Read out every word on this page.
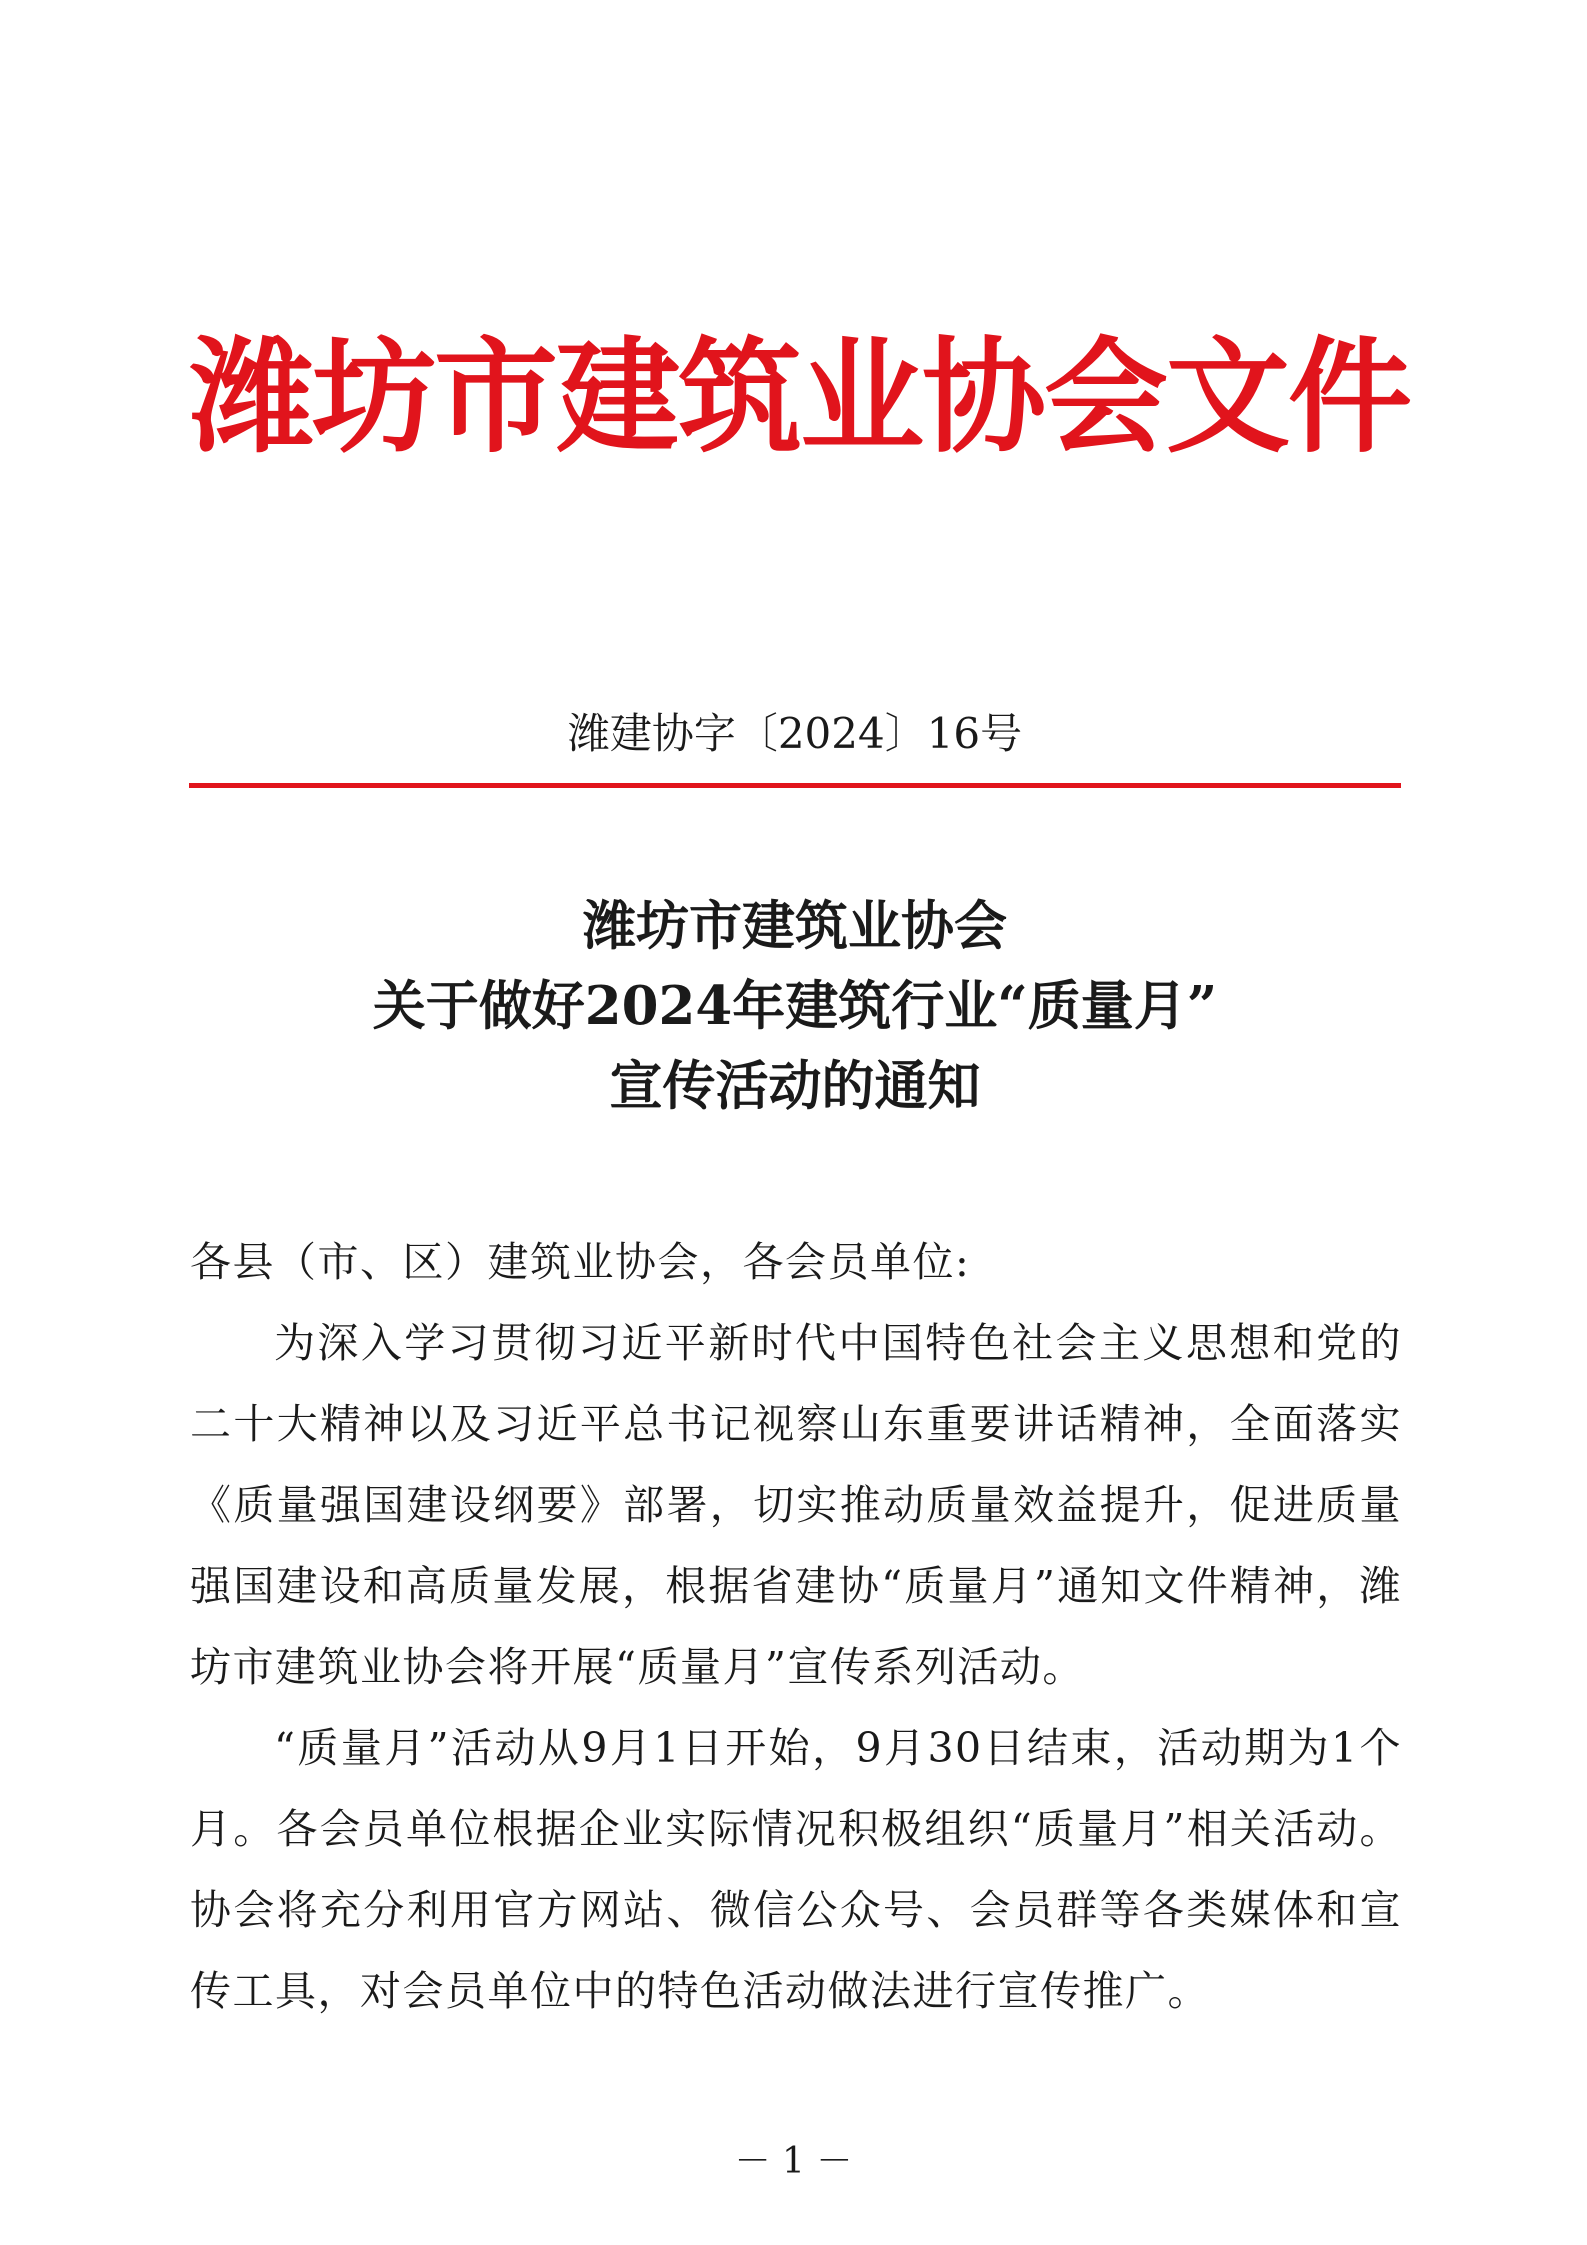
潍坊市建筑业协会文件
潍建协字〔2024〕16号
潍坊市建筑业协会
关于做好2024年建筑行业“质量月”
宣传活动的通知

各县（市、区）建筑业协会，各会员单位:

为深入学习贯彻习近平新时代中国特色社会主义思想和党的二十大精神以及习近平总书记视察山东重要讲话精神，全面落实《质量强国建设纲要》部署，切实推动质量效益提升，促进质量强国建设和高质量发展，根据省建协“质量月”通知文件精神，潍坊市建筑业协会将开展“质量月”宣传系列活动。

“质量月”活动从9月1日开始，9月30日结束，活动期为1个月。各会员单位根据企业实际情况积极组织“质量月”相关活动。协会将充分利用官方网站、微信公众号、会员群等各类媒体和宣传工具，对会员单位中的特色活动做法进行宣传推广。

－ 1 －
